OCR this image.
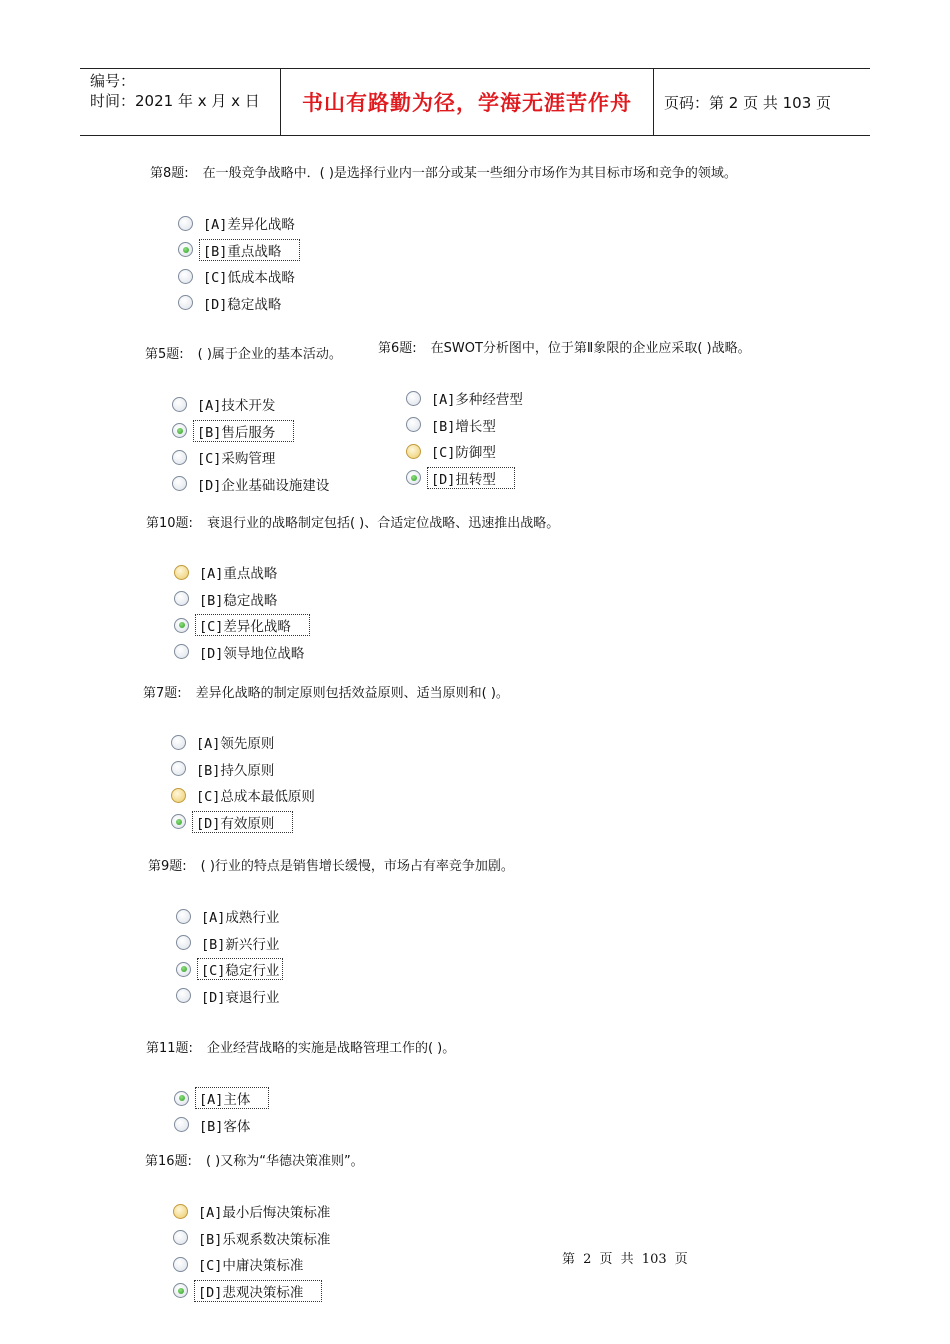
编号：
时间：2021 年 x 月 x 日	书山有路勤为径，学海无涯苦作舟 页码：第 2 页 共 103 页
第8题: 在一般竞争战略中．( )是选择行业内一部分或某一些细分市场作为其目标市场和竞争的领域。
[A]差异化战略
[B]重点战略
[C]低成本战略
[D]稳定战略
第5题: ( )属于企业的基本活动。
[A]技术开发
[B]售后服务
[C]采购管理
[D]企业基础设施建设
第6题: 在SWOT分析图中，位于第Ⅱ象限的企业应采取( )战略。
[A]多种经营型
[B]增长型
[C]防御型
[D]扭转型
第10题: 衰退行业的战略制定包括( )、合适定位战略、迅速推出战略。
[A]重点战略
[B]稳定战略
[C]差异化战略
[D]领导地位战略
第7题: 差异化战略的制定原则包括效益原则、适当原则和( )。
[A]领先原则
[B]持久原则
[C]总成本最低原则
[D]有效原则
第9题: ( )行业的特点是销售增长缓慢，市场占有率竞争加剧。
[A]成熟行业
[B]新兴行业
[C]稳定行业
[D]衰退行业
第11题: 企业经营战略的实施是战略管理工作的( )。
[A]主体
[B]客体
第16题: ( )又称为“华德决策准则”。
[A]最小后悔决策标准
[B]乐观系数决策标准
[C]中庸决策标准
[D]悲观决策标准
第 2 页 共 103 页
